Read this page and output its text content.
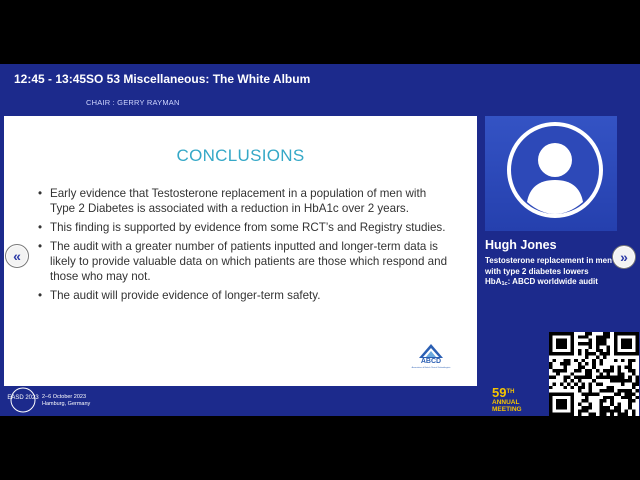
12:45 - 13:45 SO 53 Miscellaneous: The White Album
CHAIR : GERRY RAYMAN
CONCLUSIONS
• Early evidence that Testosterone replacement in a population of men with Type 2 Diabetes is associated with a reduction in HbA1c over 2 years.
• This finding is supported by evidence from some RCT’s and Registry studies.
• The audit with a greater number of patients inputted and longer-term data is likely to provide valuable data on which patients are those which respond and those who may not.
• The audit will provide evidence of longer-term safety.
ABCD
Association of British Clinical Diabetologists
«
Hugh Jones
Testosterone replacement in men
with type 2 diabetes lowers
HbA$_{1c}$: ABCD worldwide audit
»
EASD 2023 2–6 October 2023
Hamburg, Germany
59TH
ANNUAL
MEETING
